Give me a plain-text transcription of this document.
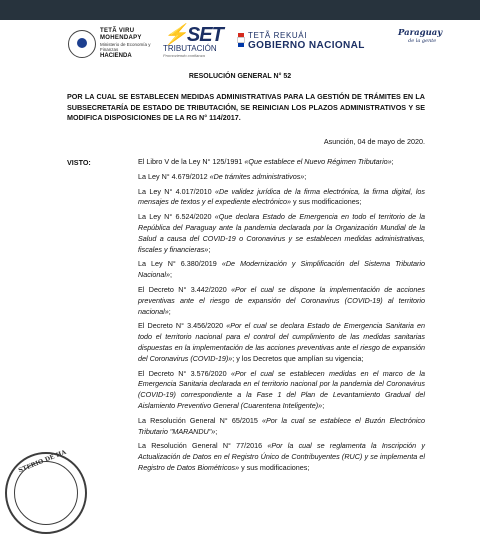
TETÃ VIRU
MOHENDAPY
Ministerio de Economía y Finanzas
HACIENDA
⚡SET
TRIBUTACIÓN
Promoviendo confianza
TETÃ REKUÁI
GOBIERNO NACIONAL
Paraguay
de la gente
RESOLUCIÓN GENERAL N° 52
POR LA CUAL SE ESTABLECEN MEDIDAS ADMINISTRATIVAS PARA LA GESTIÓN DE TRÁMITES EN LA SUBSECRETARÍA DE ESTADO DE TRIBUTACIÓN, SE REINICIAN LOS PLAZOS ADMINISTRATIVOS Y SE MODIFICA DISPOSICIONES DE LA RG N° 114/2017.
Asunción, 04 de mayo de 2020.
VISTO:	El Libro V de la Ley N° 125/1991 «Que establece el Nuevo Régimen Tributario»;
La Ley N° 4.679/2012 «De trámites administrativos»;
La Ley N° 4.017/2010 «De validez jurídica de la firma electrónica, la firma digital, los mensajes de textos y el expediente electrónico» y sus modificaciones;
La Ley N° 6.524/2020 «Que declara Estado de Emergencia en todo el territorio de la República del Paraguay ante la pandemia declarada por la Organización Mundial de la Salud a causa del COVID-19 o Coronavirus y se establecen medidas administrativas, fiscales y financieras»;
La Ley N° 6.380/2019 «De Modernización y Simplificación del Sistema Tributario Nacional»;
El Decreto N° 3.442/2020 «Por el cual se dispone la implementación de acciones preventivas ante el riesgo de expansión del Coronavirus (COVID-19) al territorio nacional»;
El Decreto N° 3.456/2020 «Por el cual se declara Estado de Emergencia Sanitaria en todo el territorio nacional para el control del cumplimiento de las medidas sanitarias dispuestas en la implementación de las acciones preventivas ante el riesgo de expansión del Coronavirus (COVID-19)»; y los Decretos que amplían su vigencia;
El Decreto N° 3.576/2020 «Por el cual se establecen medidas en el marco de la Emergencia Sanitaria declarada en el territorio nacional por la pandemia del Coronavirus (COVID-19) correspondiente a la Fase 1 del Plan de Levantamiento Gradual del Aislamiento Preventivo General (Cuarentena Inteligente)»;
La Resolución General N° 65/2015 «Por la cual se establece el Buzón Electrónico Tributario "MARANDU"»;
La Resolución General N° 77/2016 «Por la cual se reglamenta la Inscripción y Actualización de Datos en el Registro Único de Contribuyentes (RUC) y se implementa el Registro de Datos Biométricos» y sus modificaciones;
STERIO DE HA
